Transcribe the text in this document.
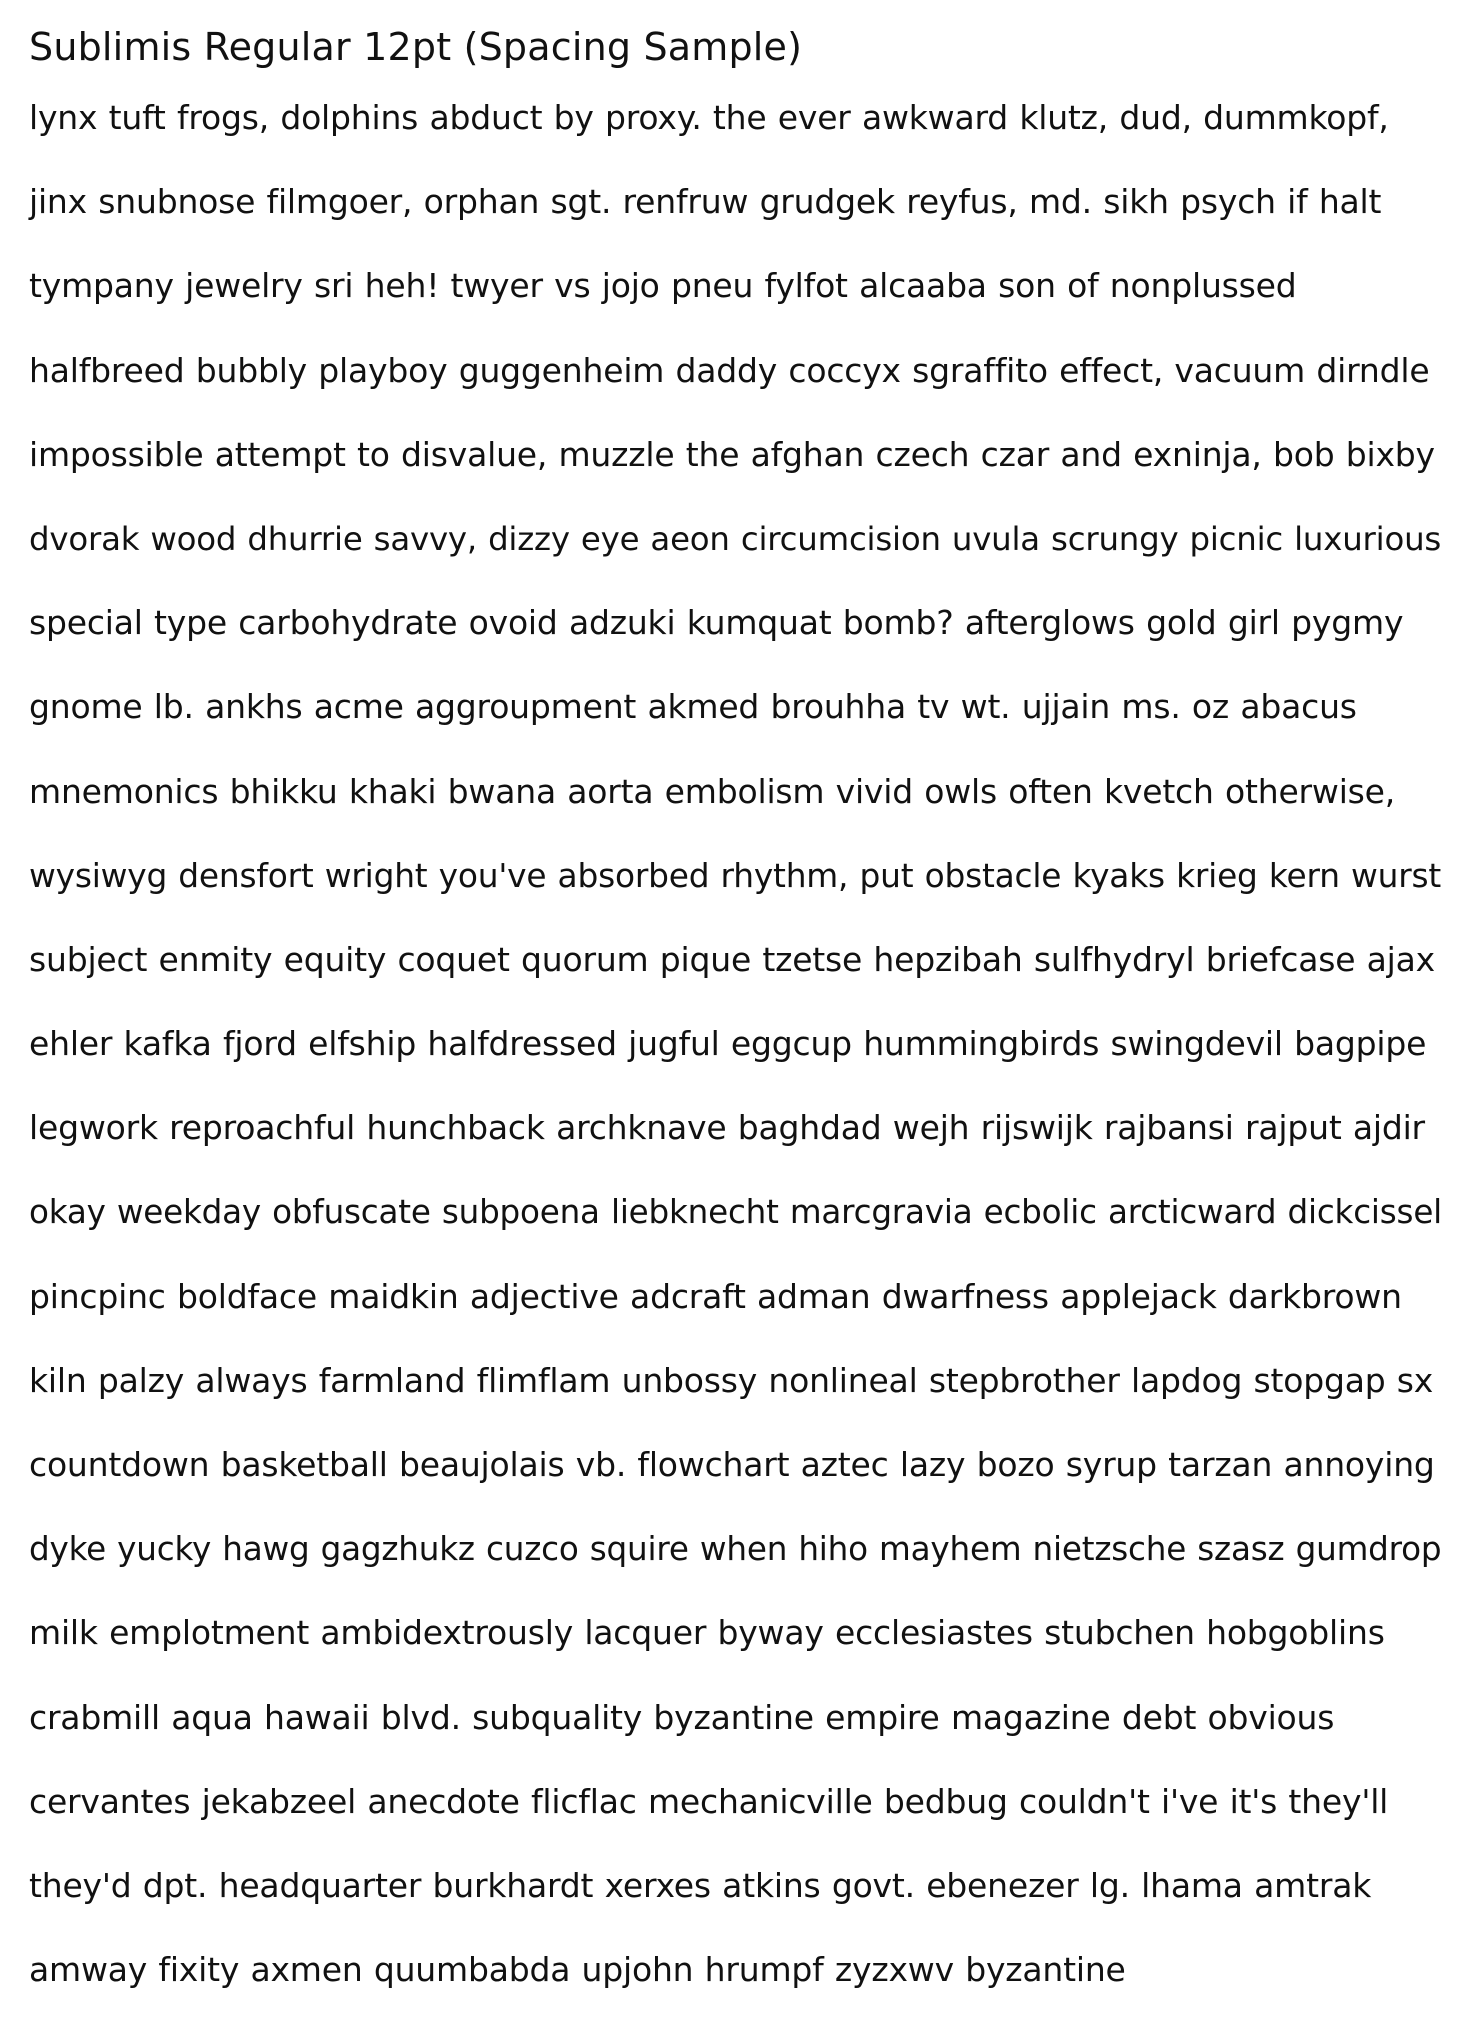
Sublimis Regular 12pt (Spacing Sample)
lynx tuft frogs, dolphins abduct by proxy. the ever awkward klutz, dud, dummkopf,
jinx snubnose filmgoer, orphan sgt. renfruw grudgek reyfus, md. sikh psych if halt
tympany jewelry sri heh! twyer vs jojo pneu fylfot alcaaba son of nonplussed
halfbreed bubbly playboy guggenheim daddy coccyx sgraffito effect, vacuum dirndle
impossible attempt to disvalue, muzzle the afghan czech czar and exninja, bob bixby
dvorak wood dhurrie savvy, dizzy eye aeon circumcision uvula scrungy picnic luxurious
special type carbohydrate ovoid adzuki kumquat bomb? afterglows gold girl pygmy
gnome lb. ankhs acme aggroupment akmed brouhha tv wt. ujjain ms. oz abacus
mnemonics bhikku khaki bwana aorta embolism vivid owls often kvetch otherwise,
wysiwyg densfort wright you've absorbed rhythm, put obstacle kyaks krieg kern wurst
subject enmity equity coquet quorum pique tzetse hepzibah sulfhydryl briefcase ajax
ehler kafka fjord elfship halfdressed jugful eggcup hummingbirds swingdevil bagpipe
legwork reproachful hunchback archknave baghdad wejh rijswijk rajbansi rajput ajdir
okay weekday obfuscate subpoena liebknecht marcgravia ecbolic arcticward dickcissel
pincpinc boldface maidkin adjective adcraft adman dwarfness applejack darkbrown
kiln palzy always farmland flimflam unbossy nonlineal stepbrother lapdog stopgap sx
countdown basketball beaujolais vb. flowchart aztec lazy bozo syrup tarzan annoying
dyke yucky hawg gagzhukz cuzco squire when hiho mayhem nietzsche szasz gumdrop
milk emplotment ambidextrously lacquer byway ecclesiastes stubchen hobgoblins
crabmill aqua hawaii blvd. subquality byzantine empire magazine debt obvious
cervantes jekabzeel anecdote flicflac mechanicville bedbug couldn't i've it's they'll
they'd dpt. headquarter burkhardt xerxes atkins govt. ebenezer lg. lhama amtrak
amway fixity axmen quumbabda upjohn hrumpf zyzxwv byzantine
